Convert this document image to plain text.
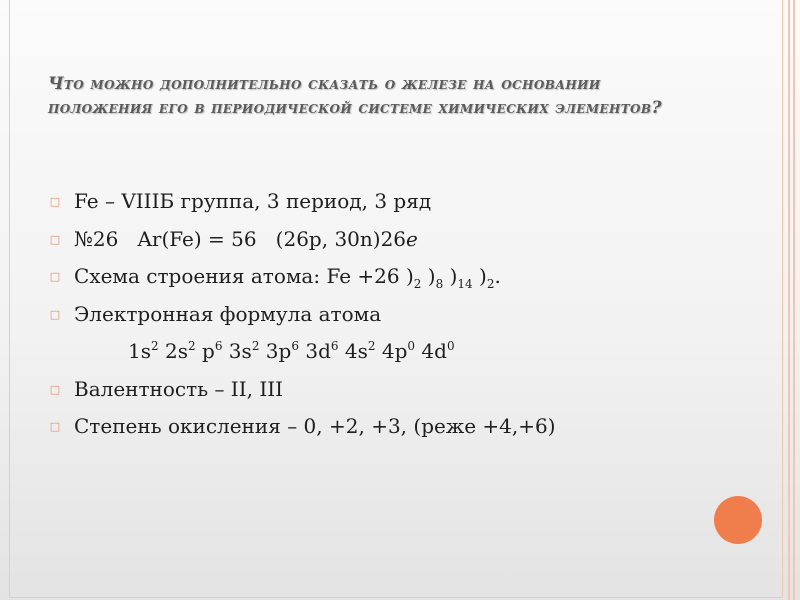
Что можно дополнительно сказать о железе на основании
положения его в периодической системе химических элементов?
□ Fe – VIIIБ группа, 3 период, 3 ряд
□ №26   Ar(Fe) = 56   (26p, 30n)26e
□ Схема строения атома: Fe +26 )$_2$ )$_8$ )$_{14}$ )$_2$.
□ Электронная формула атома
$1s^2$ $2s^2$ $p^6$ $3s^2$ $3p^6$ $3d^6$ $4s^2$ $4p^0$ $4d^0$
□ Валентность – II, III
□ Степень окисления – 0, +2, +3, (реже +4,+6)
